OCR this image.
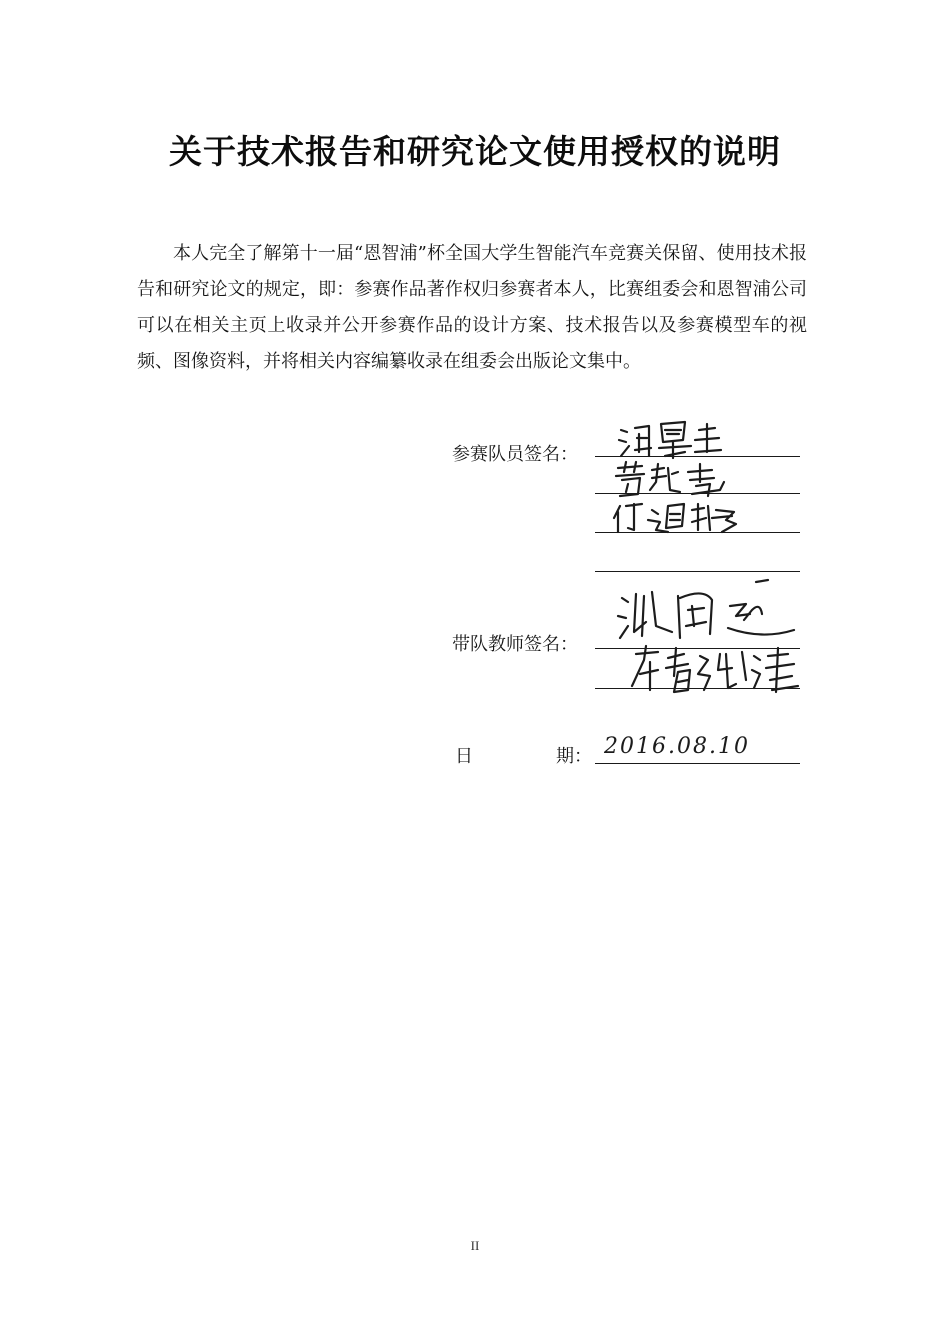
关于技术报告和研究论文使用授权的说明
本人完全了解第十一届“恩智浦”杯全国大学生智能汽车竞赛关保留、使用技术报告和研究论文的规定，即：参赛作品著作权归参赛者本人，比赛组委会和恩智浦公司可以在相关主页上收录并公开参赛作品的设计方案、技术报告以及参赛模型车的视频、图像资料，并将相关内容编纂收录在组委会出版论文集中。
参赛队员签名：
带队教师签名：
日	期： 2016.08.10
II
